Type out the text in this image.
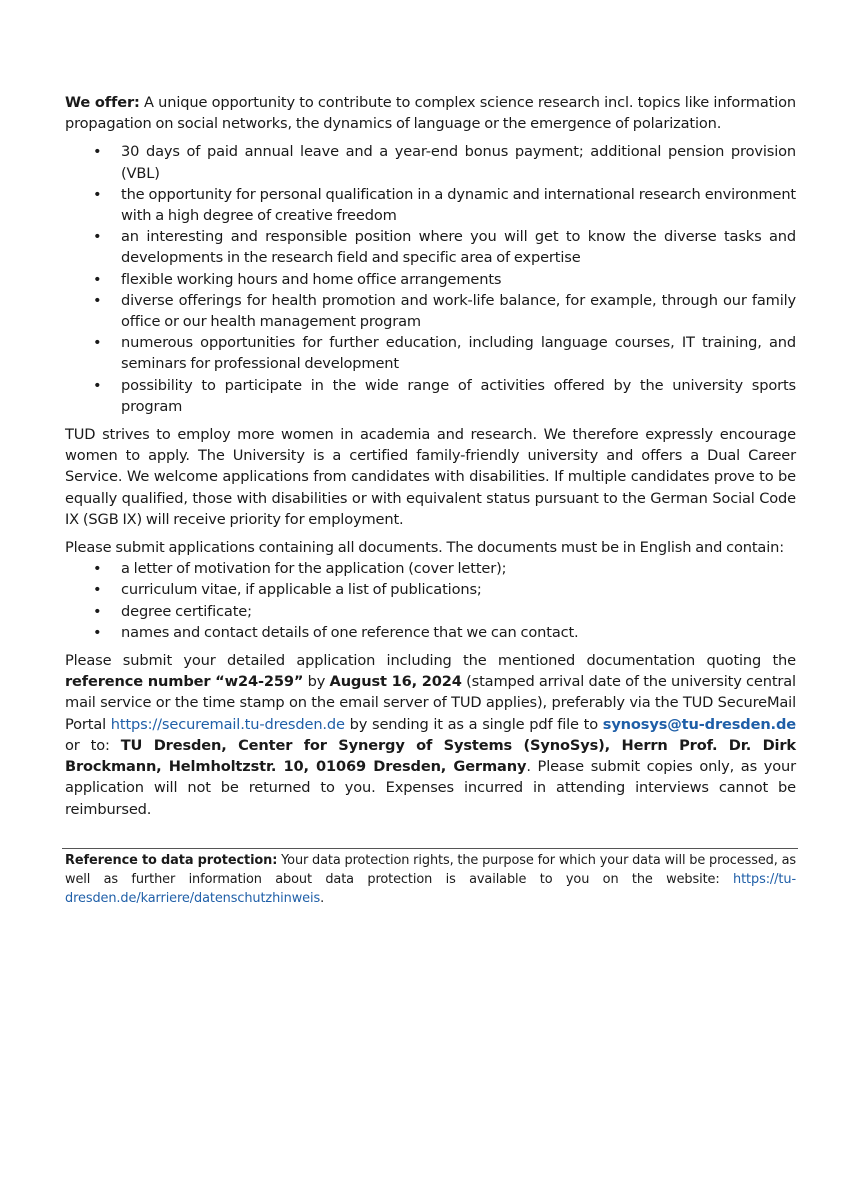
We offer: A unique opportunity to contribute to complex science research incl. topics like information propagation on social networks, the dynamics of language or the emergence of polarization.

• 30 days of paid annual leave and a year-end bonus payment; additional pension provision (VBL)
• the opportunity for personal qualification in a dynamic and international research environment with a high degree of creative freedom
• an interesting and responsible position where you will get to know the diverse tasks and developments in the research field and specific area of expertise
• flexible working hours and home office arrangements
• diverse offerings for health promotion and work-life balance, for example, through our family office or our health management program
• numerous opportunities for further education, including language courses, IT training, and seminars for professional development
• possibility to participate in the wide range of activities offered by the university sports program

TUD strives to employ more women in academia and research. We therefore expressly encourage women to apply. The University is a certified family-friendly university and offers a Dual Career Service. We welcome applications from candidates with disabilities. If multiple candidates prove to be equally qualified, those with disabilities or with equivalent status pursuant to the German Social Code IX (SGB IX) will receive priority for employment.

Please submit applications containing all documents. The documents must be in English and contain:

• a letter of motivation for the application (cover letter);
• curriculum vitae, if applicable a list of publications;
• degree certificate;
• names and contact details of one reference that we can contact.

Please submit your detailed application including the mentioned documentation quoting the reference number “w24-259” by August 16, 2024 (stamped arrival date of the university central mail service or the time stamp on the email server of TUD applies), preferably via the TUD SecureMail Portal https://securemail.tu-dresden.de by sending it as a single pdf file to synosys@tu-dresden.de or to: TU Dresden, Center for Synergy of Systems (SynoSys), Herrn Prof. Dr. Dirk Brockmann, Helmholtzstr. 10, 01069 Dresden, Germany. Please submit copies only, as your application will not be returned to you. Expenses incurred in attending interviews cannot be reimbursed.

Reference to data protection: Your data protection rights, the purpose for which your data will be processed, as well as further information about data protection is available to you on the website: https://tu-dresden.de/karriere/datenschutzhinweis.
